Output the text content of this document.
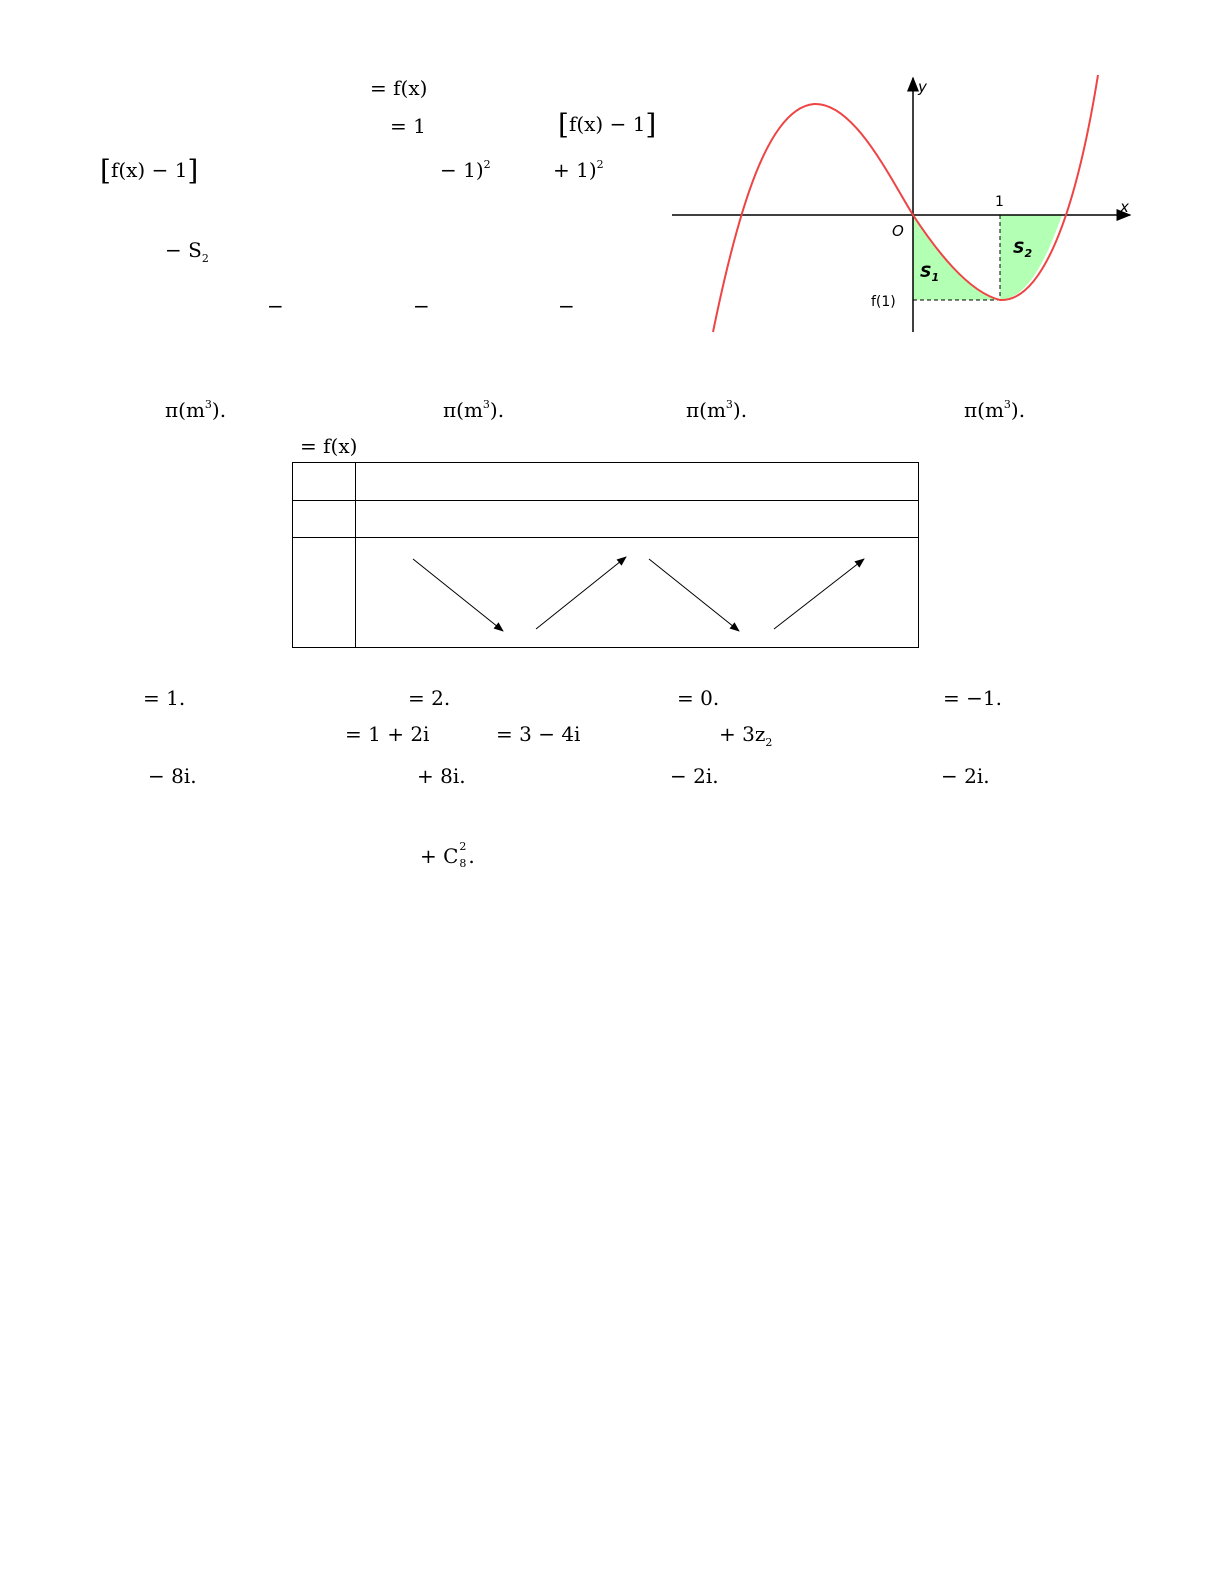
= f(x)
= 1	[f(x) − 1]
[f(x) − 1]	− 1)$^2$	+ 1)$^2$
− $S_2$
−	−	−
y
x
O
1
f(1)
$S_1$
$S_2$
$\pi(m^3)$.	$\pi(m^3)$.	$\pi(m^3)$.	$\pi(m^3)$.
= f(x)
= 1.	= 2.	= 0.	= −1.
= 1 + 2i	= 3 − 4i	+ $3z_2$
− 8i.	+ 8i.	− 2i.	− 2i.
+ C 2
8 .
